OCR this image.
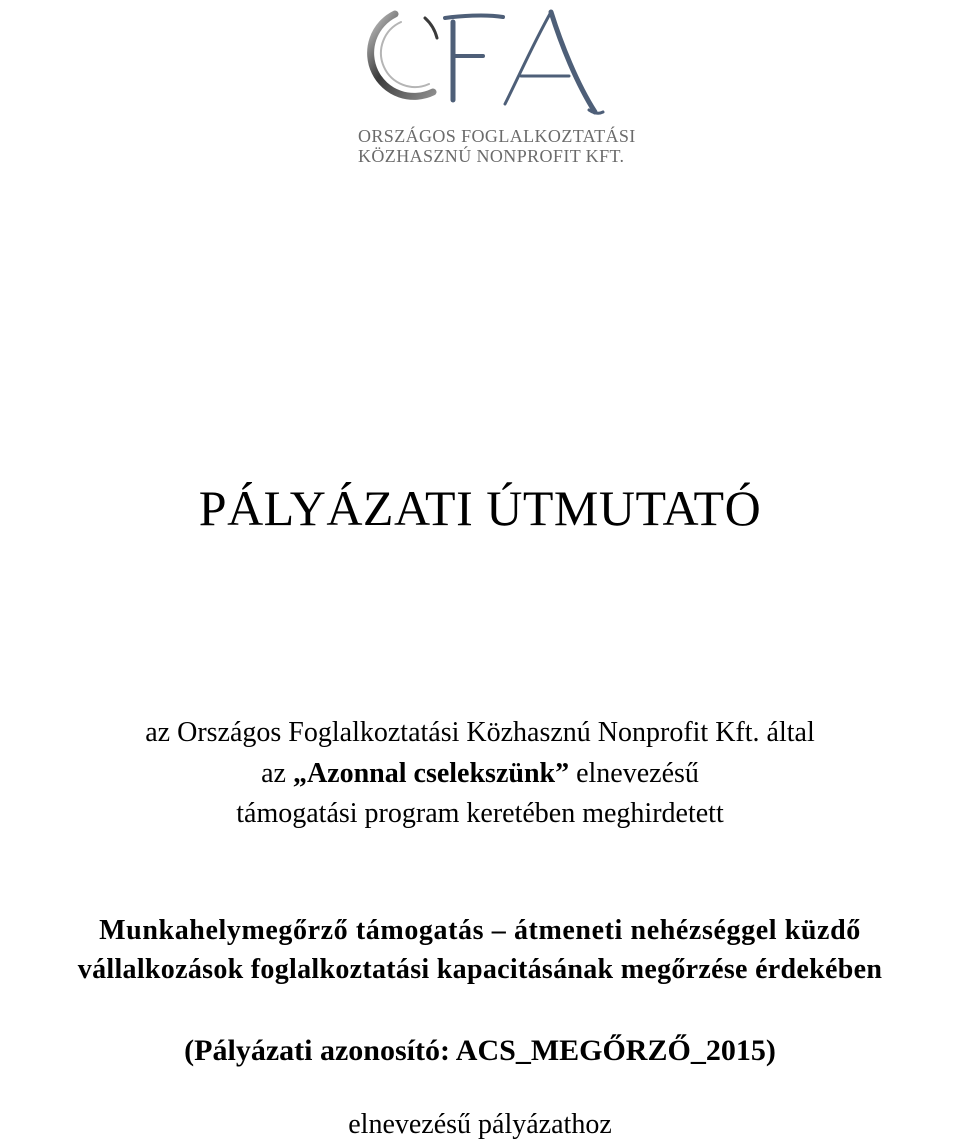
ORSZÁGOS FOGLALKOZTATÁSI
KÖZHASZNÚ NONPROFIT KFT.
PÁLYÁZATI ÚTMUTATÓ
az Országos Foglalkoztatási Közhasznú Nonprofit Kft. által
az „Azonnal cselekszünk” elnevezésű
támogatási program keretében meghirdetett
Munkahelymegőrző támogatás – átmeneti nehézséggel küzdő
vállalkozások foglalkoztatási kapacitásának megőrzése érdekében
(Pályázati azonosító: ACS_MEGŐRZŐ_2015)
elnevezésű pályázathoz
